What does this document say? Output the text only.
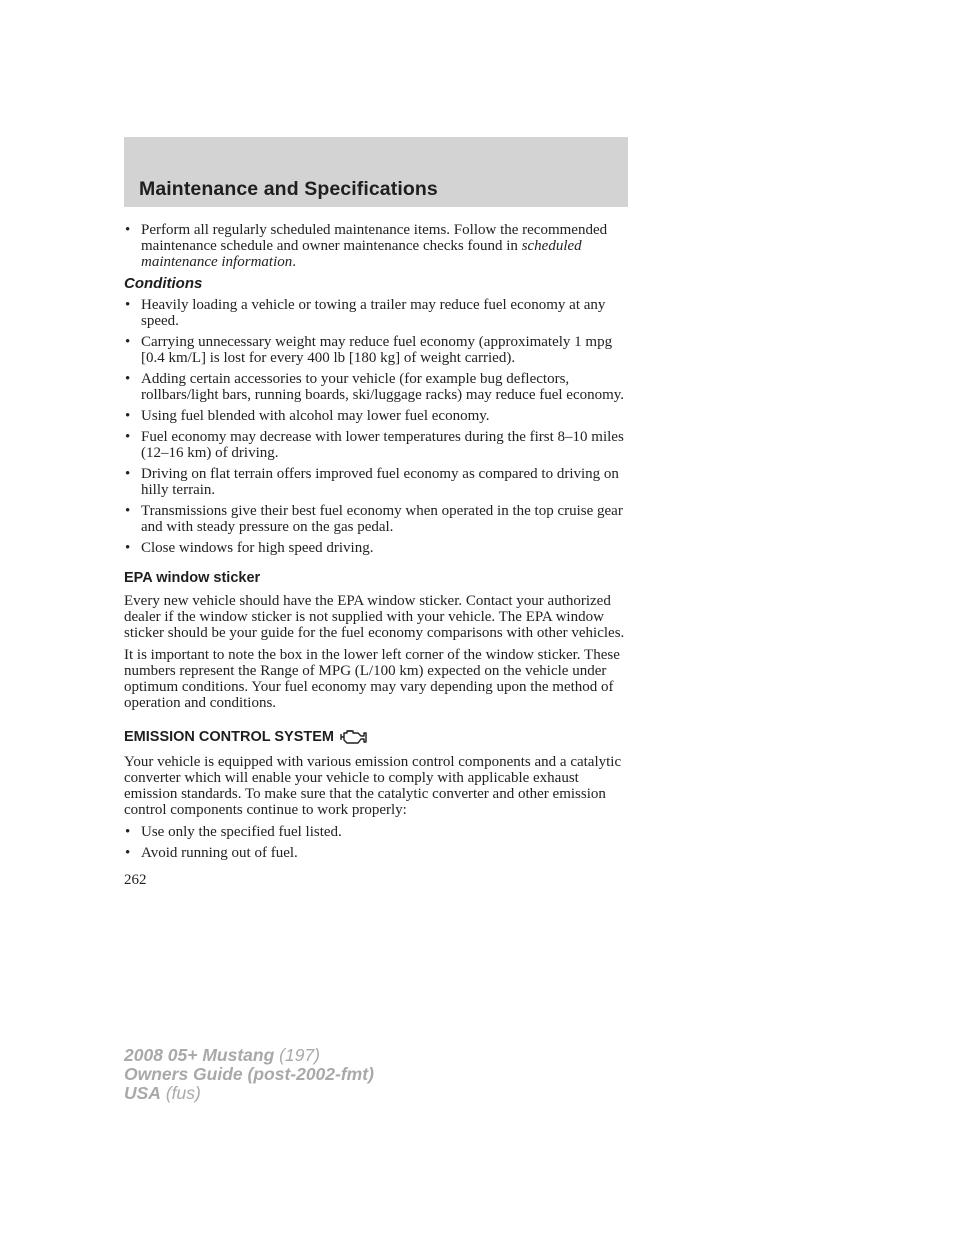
Maintenance and Specifications
• Perform all regularly scheduled maintenance items. Follow the recommended maintenance schedule and owner maintenance checks found in scheduled maintenance information.
Conditions
• Heavily loading a vehicle or towing a trailer may reduce fuel economy at any speed.
• Carrying unnecessary weight may reduce fuel economy (approximately 1 mpg [0.4 km/L] is lost for every 400 lb [180 kg] of weight carried).
• Adding certain accessories to your vehicle (for example bug deflectors, rollbars/light bars, running boards, ski/luggage racks) may reduce fuel economy.
• Using fuel blended with alcohol may lower fuel economy.
• Fuel economy may decrease with lower temperatures during the first 8–10 miles (12–16 km) of driving.
• Driving on flat terrain offers improved fuel economy as compared to driving on hilly terrain.
• Transmissions give their best fuel economy when operated in the top cruise gear and with steady pressure on the gas pedal.
• Close windows for high speed driving.
EPA window sticker

Every new vehicle should have the EPA window sticker. Contact your authorized dealer if the window sticker is not supplied with your vehicle. The EPA window sticker should be your guide for the fuel economy comparisons with other vehicles.

It is important to note the box in the lower left corner of the window sticker. These numbers represent the Range of MPG (L/100 km) expected on the vehicle under optimum conditions. Your fuel economy may vary depending upon the method of operation and conditions.

EMISSION CONTROL SYSTEM

Your vehicle is equipped with various emission control components and a catalytic converter which will enable your vehicle to comply with applicable exhaust emission standards. To make sure that the catalytic converter and other emission control components continue to work properly:

• Use only the specified fuel listed.
• Avoid running out of fuel.
262
2008 05+ Mustang (197)
Owners Guide (post-2002-fmt)
USA (fus)
